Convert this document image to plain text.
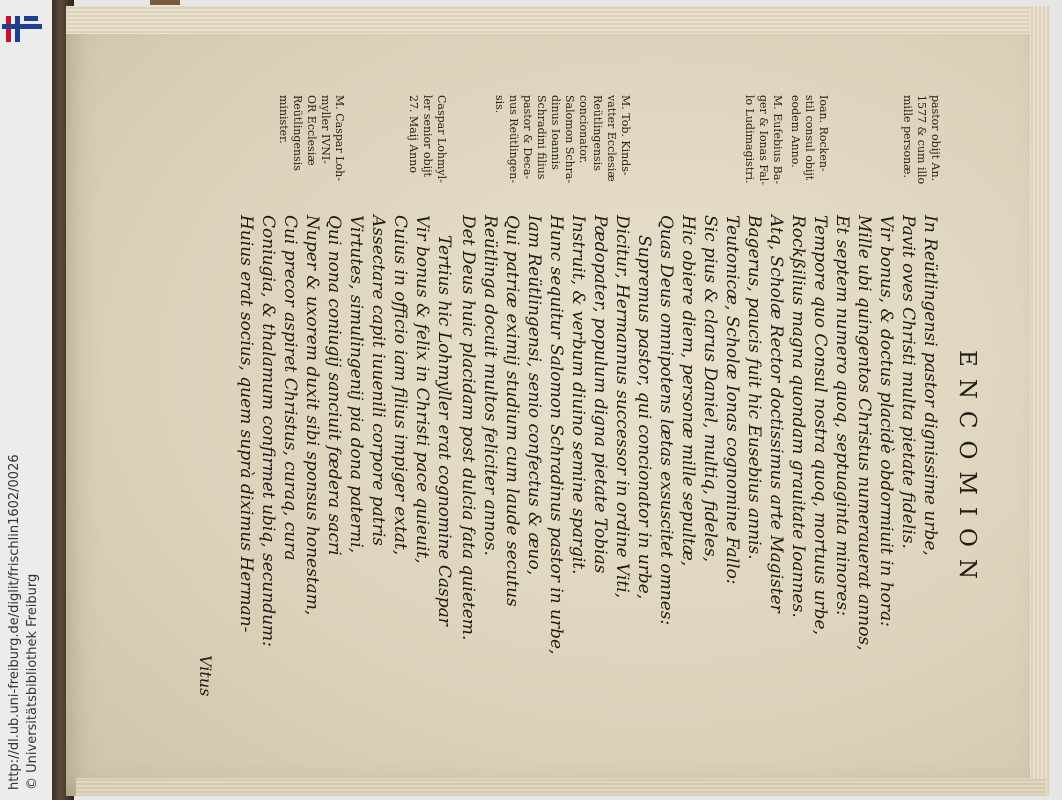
http://dl.ub.uni-freiburg.de/diglit/frischlin1602/0026 © Universitätsbibliothek Freiburg
ENCOMION
In Reütlingensi pastor dignissime urbe,
Pavit oves Christi multa pietate fidelis.
Vir bonus, & doctus placidè obdormiuit in hora:
Mille ubi quingentos Christus numerauerat annos,
Et septem numero quoq, septuaginta minores:
Tempore quo Consul nostra quoq, mortuus urbe,
Rockßilius magna quondam grauitate Ioannes.
Atq, Scholæ Rector doctissimus arte Magister
Bagerus, paucis fuit hic Eusebius annis.
Teutonicæ, Scholæ Ionas cognomine Fallo:
Sic pius & clarus Daniel, multiq, fideles,
Hic obiere diem, personæ mille sepultæ,
Quas Deus omnipotens lætas exsuscitet omnes:
Supremus pastor, qui concionator in urbe,
Dicitur, Hermannus successor in ordine Viti,
Pædopater, populum digna pietate Tobias
Instruit, & verbum diuino semine spargit.
Hunc sequitur Salomon Schradinus pastor in urbe,
Iam Reütlingensi, senio confectus & æuo,
Qui patriæ eximij studium cum laude secutus
Reütlinga docuit multos feliciter annos.
Det Deus huic placidam post dulcia fata quietem.
Tertius hic Lohmyller erat cognomine Caspar
Vir bonus & felix in Christi pace quieuit,
Cuius in officio iam filius impiger extat,
Assectare capit iuuenili corpore patris
Virtutes, simulingenij pia dona paterni,
Qui nona coniugij sanciuit fœdera sacri
Nuper & uxorem duxit sibi sponsus honestam,
Cui precor aspiret Christus, curaq, cura
Coniugia, & thalamum confirmet ubiq, secundum:
Huius erat socius, quem suprà diximus Herman-
pastor obijt An.
1577 & cum illo
mille personæ.
Ioan. Rocken-
stil consul obijt
eodem Anno.
M. Eufebius Ba-
ger & Ionas Fal-
lo Ludimagistri.
M. Tob. Kinds-
vatter Ecclesiæ
Reütlingensis
concionator.
Salomon Schra-
dinus Ioannis
Schradini filius
pastor & Deca-
nus Reütlingen-
sis.
Caspar Lohmyl-
ler senior obijt
27. Maij Anno
M. Caspar Loh-
myller IVNI-
OR Ecclesiæ
Reütlingensis
minister.
Vitus
